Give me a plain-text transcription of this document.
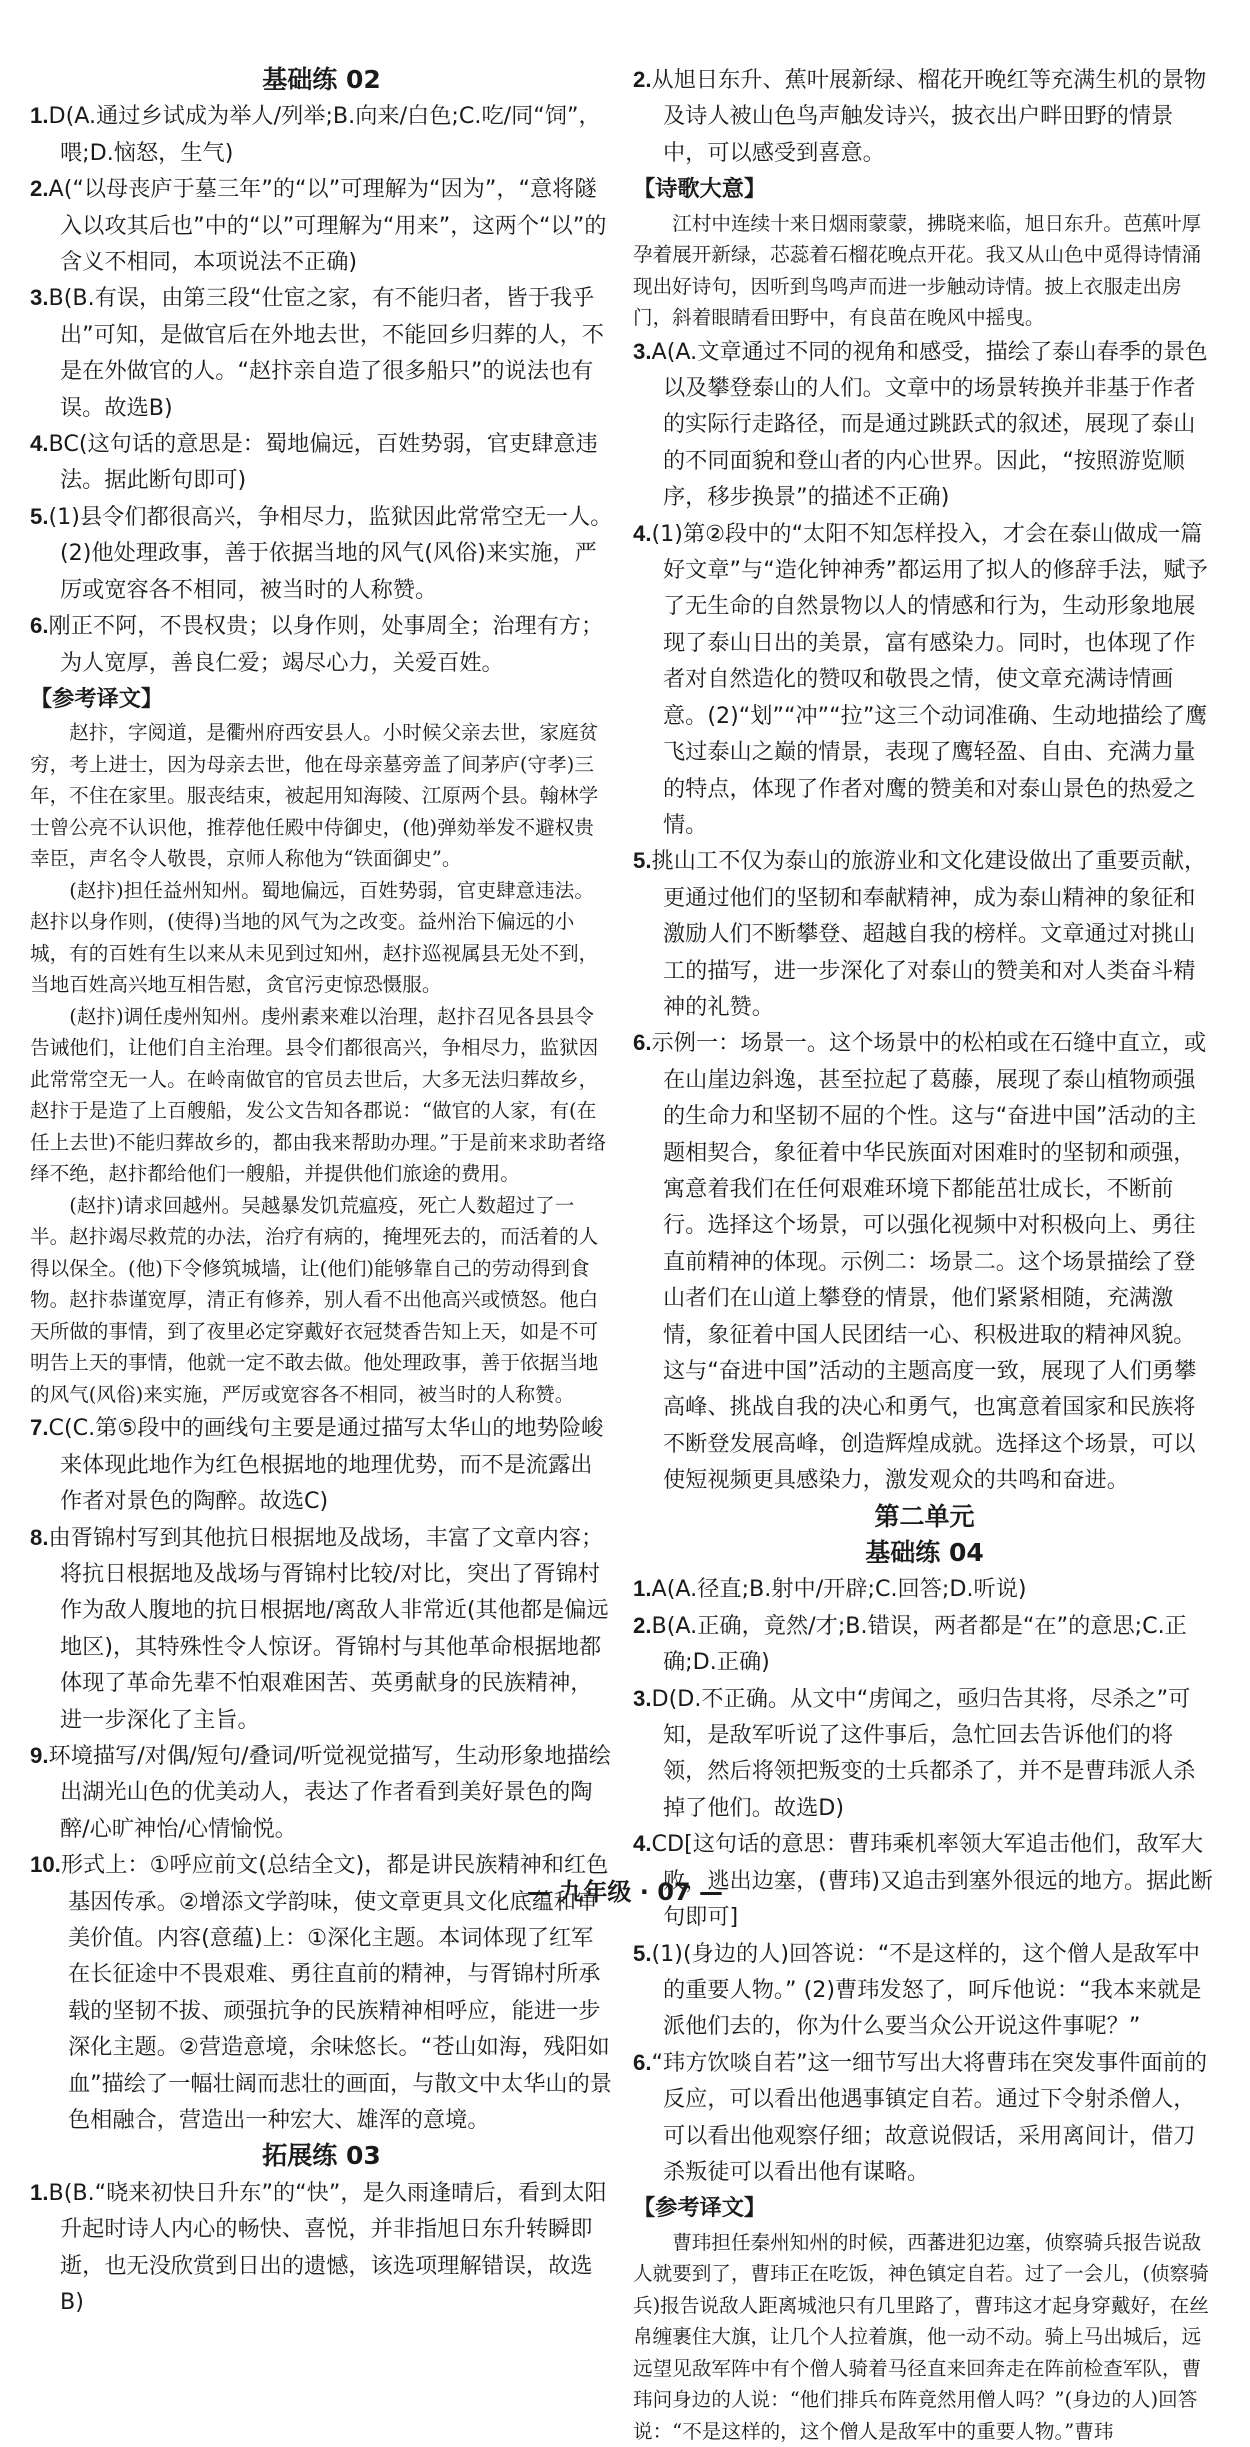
基础练 02

1.D(A.通过乡试成为举人/列举;B.向来/白色;C.吃/同“饲”，喂;D.恼怒，生气)

2.A(“以母丧庐于墓三年”的“以”可理解为“因为”，“意将隧入以攻其后也”中的“以”可理解为“用来”，这两个“以”的含义不相同，本项说法不正确)

3.B(B.有误，由第三段“仕宦之家，有不能归者，皆于我乎出”可知，是做官后在外地去世，不能回乡归葬的人，不是在外做官的人。“赵抃亲自造了很多船只”的说法也有误。故选B)

4.BC(这句话的意思是：蜀地偏远，百姓势弱，官吏肆意违法。据此断句即可)

5.(1)县令们都很高兴，争相尽力，监狱因此常常空无一人。(2)他处理政事，善于依据当地的风气(风俗)来实施，严厉或宽容各不相同，被当时的人称赞。

6.刚正不阿，不畏权贵；以身作则，处事周全；治理有方；为人宽厚，善良仁爱；竭尽心力，关爱百姓。

【参考译文】

赵抃，字阅道，是衢州府西安县人。小时候父亲去世，家庭贫穷，考上进士，因为母亲去世，他在母亲墓旁盖了间茅庐(守孝)三年，不住在家里。服丧结束，被起用知海陵、江原两个县。翰林学士曾公亮不认识他，推荐他任殿中侍御史，(他)弹劾举发不避权贵幸臣，声名令人敬畏，京师人称他为“铁面御史”。

(赵抃)担任益州知州。蜀地偏远，百姓势弱，官吏肆意违法。赵抃以身作则，(使得)当地的风气为之改变。益州治下偏远的小城，有的百姓有生以来从未见到过知州，赵抃巡视属县无处不到，当地百姓高兴地互相告慰，贪官污吏惊恐慑服。

(赵抃)调任虔州知州。虔州素来难以治理，赵抃召见各县县令告诫他们，让他们自主治理。县令们都很高兴，争相尽力，监狱因此常常空无一人。在岭南做官的官员去世后，大多无法归葬故乡，赵抃于是造了上百艘船，发公文告知各郡说：“做官的人家，有(在任上去世)不能归葬故乡的，都由我来帮助办理。”于是前来求助者络绎不绝，赵抃都给他们一艘船，并提供他们旅途的费用。

(赵抃)请求回越州。吴越暴发饥荒瘟疫，死亡人数超过了一半。赵抃竭尽救荒的办法，治疗有病的，掩埋死去的，而活着的人得以保全。(他)下令修筑城墙，让(他们)能够靠自己的劳动得到食物。赵抃恭谨宽厚，清正有修养，别人看不出他高兴或愤怒。他白天所做的事情，到了夜里必定穿戴好衣冠焚香告知上天，如是不可明告上天的事情，他就一定不敢去做。他处理政事，善于依据当地的风气(风俗)来实施，严厉或宽容各不相同，被当时的人称赞。

7.C(C.第⑤段中的画线句主要是通过描写太华山的地势险峻来体现此地作为红色根据地的地理优势，而不是流露出作者对景色的陶醉。故选C)

8.由胥锦村写到其他抗日根据地及战场，丰富了文章内容；将抗日根据地及战场与胥锦村比较/对比，突出了胥锦村作为敌人腹地的抗日根据地/离敌人非常近(其他都是偏远地区)，其特殊性令人惊讶。胥锦村与其他革命根据地都体现了革命先辈不怕艰难困苦、英勇献身的民族精神，进一步深化了主旨。

9.环境描写/对偶/短句/叠词/听觉视觉描写，生动形象地描绘出湖光山色的优美动人，表达了作者看到美好景色的陶醉/心旷神怡/心情愉悦。

10.形式上：①呼应前文(总结全文)，都是讲民族精神和红色基因传承。②增添文学韵味，使文章更具文化底蕴和审美价值。内容(意蕴)上：①深化主题。本词体现了红军在长征途中不畏艰难、勇往直前的精神，与胥锦村所承载的坚韧不拔、顽强抗争的民族精神相呼应，能进一步深化主题。②营造意境，余味悠长。“苍山如海，残阳如血”描绘了一幅壮阔而悲壮的画面，与散文中太华山的景色相融合，营造出一种宏大、雄浑的意境。

拓展练 03

1.B(B.“晓来初快日升东”的“快”，是久雨逢晴后，看到太阳升起时诗人内心的畅快、喜悦，并非指旭日东升转瞬即逝，也无没欣赏到日出的遗憾，该选项理解错误，故选B)

2.从旭日东升、蕉叶展新绿、榴花开晚红等充满生机的景物及诗人被山色鸟声触发诗兴，披衣出户畔田野的情景中，可以感受到喜意。

【诗歌大意】

江村中连续十来日烟雨蒙蒙，拂晓来临，旭日东升。芭蕉叶厚孕着展开新绿，芯蕊着石榴花晚点开花。我又从山色中觅得诗情涌现出好诗句，因听到鸟鸣声而进一步触动诗情。披上衣服走出房门，斜着眼睛看田野中，有良苗在晚风中摇曳。

3.A(A.文章通过不同的视角和感受，描绘了泰山春季的景色以及攀登泰山的人们。文章中的场景转换并非基于作者的实际行走路径，而是通过跳跃式的叙述，展现了泰山的不同面貌和登山者的内心世界。因此，“按照游览顺序，移步换景”的描述不正确)

4.(1)第②段中的“太阳不知怎样投入，才会在泰山做成一篇好文章”与“造化钟神秀”都运用了拟人的修辞手法，赋予了无生命的自然景物以人的情感和行为，生动形象地展现了泰山日出的美景，富有感染力。同时，也体现了作者对自然造化的赞叹和敬畏之情，使文章充满诗情画意。(2)“划”“冲”“拉”这三个动词准确、生动地描绘了鹰飞过泰山之巅的情景，表现了鹰轻盈、自由、充满力量的特点，体现了作者对鹰的赞美和对泰山景色的热爱之情。

5.挑山工不仅为泰山的旅游业和文化建设做出了重要贡献，更通过他们的坚韧和奉献精神，成为泰山精神的象征和激励人们不断攀登、超越自我的榜样。文章通过对挑山工的描写，进一步深化了对泰山的赞美和对人类奋斗精神的礼赞。

6.示例一：场景一。这个场景中的松柏或在石缝中直立，或在山崖边斜逸，甚至拉起了葛藤，展现了泰山植物顽强的生命力和坚韧不屈的个性。这与“奋进中国”活动的主题相契合，象征着中华民族面对困难时的坚韧和顽强，寓意着我们在任何艰难环境下都能茁壮成长，不断前行。选择这个场景，可以强化视频中对积极向上、勇往直前精神的体现。示例二：场景二。这个场景描绘了登山者们在山道上攀登的情景，他们紧紧相随，充满激情，象征着中国人民团结一心、积极进取的精神风貌。这与“奋进中国”活动的主题高度一致，展现了人们勇攀高峰、挑战自我的决心和勇气，也寓意着国家和民族将不断登发展高峰，创造辉煌成就。选择这个场景，可以使短视频更具感染力，激发观众的共鸣和奋进。

第二单元

基础练 04

1.A(A.径直;B.射中/开辟;C.回答;D.听说)

2.B(A.正确，竟然/才;B.错误，两者都是“在”的意思;C.正确;D.正确)

3.D(D.不正确。从文中“虏闻之，亟归告其将，尽杀之”可知，是敌军听说了这件事后，急忙回去告诉他们的将领，然后将领把叛变的士兵都杀了，并不是曹玮派人杀掉了他们。故选D)

4.CD[这句话的意思：曹玮乘机率领大军追击他们，敌军大败，逃出边塞，(曹玮)又追击到塞外很远的地方。据此断句即可]

5.(1)(身边的人)回答说：“不是这样的，这个僧人是敌军中的重要人物。” (2)曹玮发怒了，呵斥他说：“我本来就是派他们去的，你为什么要当众公开说这件事呢？”

6.“玮方饮啖自若”这一细节写出大将曹玮在突发事件面前的反应，可以看出他遇事镇定自若。通过下令射杀僧人，可以看出他观察仔细；故意说假话，采用离间计，借刀杀叛徒可以看出他有谋略。

【参考译文】

曹玮担任秦州知州的时候，西蕃进犯边塞，侦察骑兵报告说敌人就要到了，曹玮正在吃饭，神色镇定自若。过了一会儿，(侦察骑兵)报告说敌人距离城池只有几里路了，曹玮这才起身穿戴好，在丝帛缠裹住大旗，让几个人拉着旗，他一动不动。骑上马出城后，远远望见敌军阵中有个僧人骑着马径直来回奔走在阵前检查军队，曹玮问身边的人说：“他们排兵布阵竟然用僧人吗？”(身边的人)回答说：“不是这样的，这个僧人是敌军中的重要人物。”曹玮

— 九年级 · 07 —
